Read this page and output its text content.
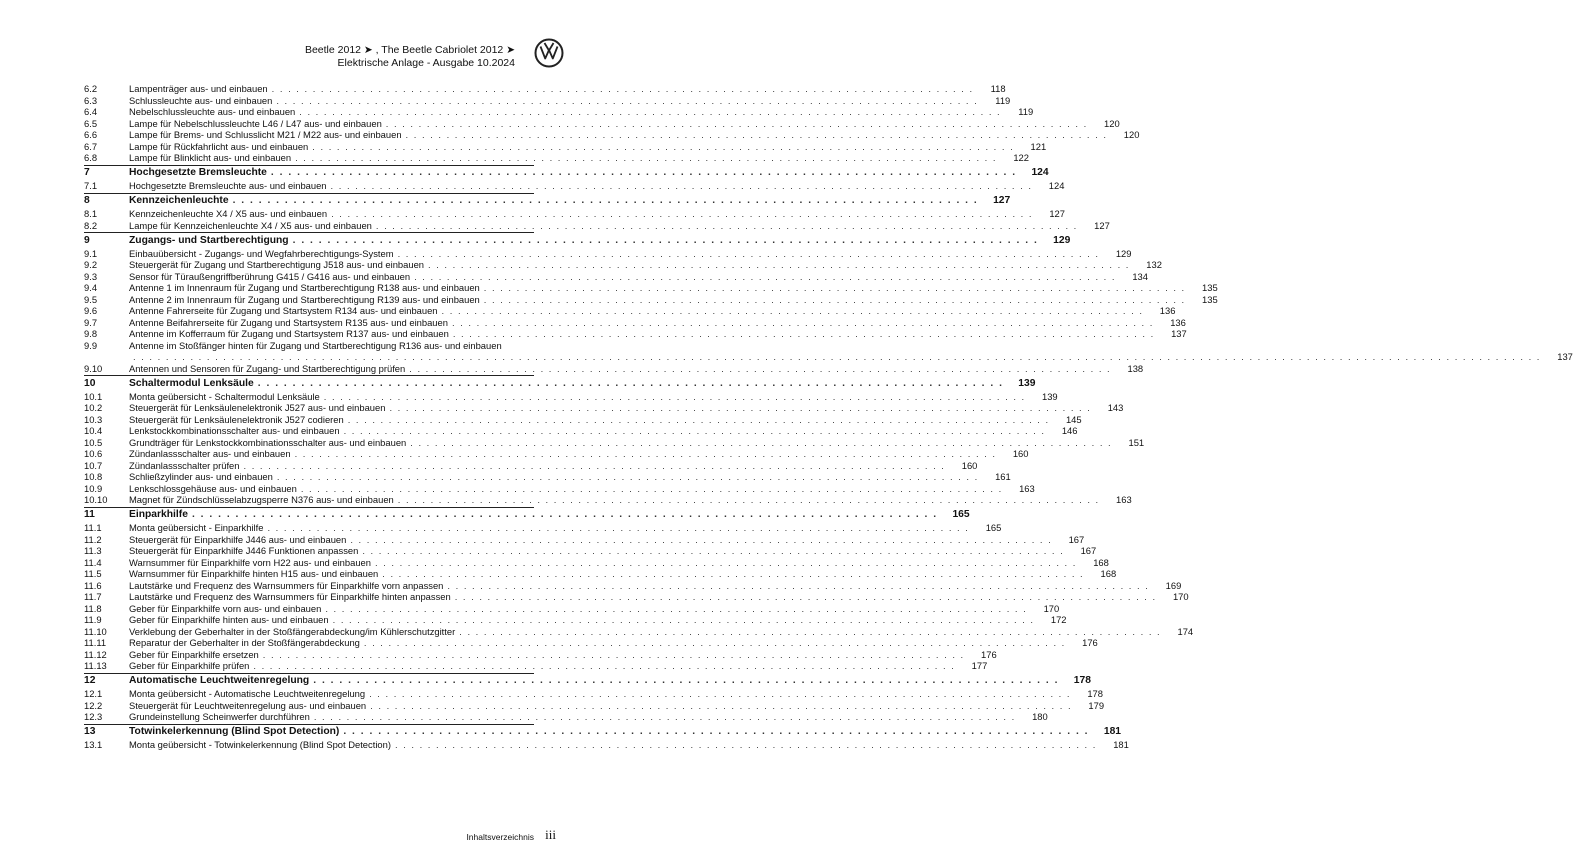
Beetle 2012 ➤ , The Beetle Cabriolet 2012 ➤
Elektrische Anlage - Ausgabe 10.2024
6.2	Lampenträger aus- und einbauen . . . . . . . . . . . . . . . . . . . . . . . . . . . . . . . . . . . . . . . . . . . . . . . . . . . . . . . . . . . . . . . . . . . . . . . . . . . . . . . . . . . . . .	118
6.3	Schlussleuchte aus- und einbauen . . . . . . . . . . . . . . . . . . . . . . . . . . . . . . . . . . . . . . . . . . . . . . . . . . . . . . . . . . . . . . . . . . . . . . . . . . . . . . . . . . . . . .	119
6.4	Nebelschlussleuchte aus- und einbauen . . . . . . . . . . . . . . . . . . . . . . . . . . . . . . . . . . . . . . . . . . . . . . . . . . . . . . . . . . . . . . . . . . . . . . . . . . . . . . . . . . . . . .	119
6.5	Lampe für Nebelschlussleuchte L46 / L47 aus- und einbauen . . . . . . . . . . . . . . . . . . . . . . . . . . . . . . . . . . . . . . . . . . . . . . . . . . . . . . . . . . . . . . . . . . . . . . . . . . . . . . . . . . . . . .	120
6.6	Lampe für Brems- und Schlusslicht M21 / M22 aus- und einbauen . . . . . . . . . . . . . . . . . . . . . . . . . . . . . . . . . . . . . . . . . . . . . . . . . . . . . . . . . . . . . . . . . . . . . . . . . . . . . . . . . . . . . .	120
6.7	Lampe für Rückfahrlicht aus- und einbauen . . . . . . . . . . . . . . . . . . . . . . . . . . . . . . . . . . . . . . . . . . . . . . . . . . . . . . . . . . . . . . . . . . . . . . . . . . . . . . . . . . . . . .	121
6.8	Lampe für Blinklicht aus- und einbauen . . . . . . . . . . . . . . . . . . . . . . . . . . . . . . . . . . . . . . . . . . . . . . . . . . . . . . . . . . . . . . . . . . . . . . . . . . . . . . . . . . . . . .	122
7	Hochgesetzte Bremsleuchte . . . . . . . . . . . . . . . . . . . . . . . . . . . . . . . . . . . . . . . . . . . . . . . . . . . . . . . . . . . . . . . . . . . . . . . . . . . . . . . . . . . . . .	124
7.1	Hochgesetzte Bremsleuchte aus- und einbauen . . . . . . . . . . . . . . . . . . . . . . . . . . . . . . . . . . . . . . . . . . . . . . . . . . . . . . . . . . . . . . . . . . . . . . . . . . . . . . . . . . . . . .	124
8	Kennzeichenleuchte . . . . . . . . . . . . . . . . . . . . . . . . . . . . . . . . . . . . . . . . . . . . . . . . . . . . . . . . . . . . . . . . . . . . . . . . . . . . . . . . . . . . . .	127
8.1	Kennzeichenleuchte X4 / X5 aus- und einbauen . . . . . . . . . . . . . . . . . . . . . . . . . . . . . . . . . . . . . . . . . . . . . . . . . . . . . . . . . . . . . . . . . . . . . . . . . . . . . . . . . . . . . .	127
8.2	Lampe für Kennzeichenleuchte X4 / X5 aus- und einbauen . . . . . . . . . . . . . . . . . . . . . . . . . . . . . . . . . . . . . . . . . . . . . . . . . . . . . . . . . . . . . . . . . . . . . . . . . . . . . . . . . . . . . .	127
9	Zugangs- und Startberechtigung . . . . . . . . . . . . . . . . . . . . . . . . . . . . . . . . . . . . . . . . . . . . . . . . . . . . . . . . . . . . . . . . . . . . . . . . . . . . . . . . . . . . . .	129
9.1	Einbauübersicht - Zugangs- und Wegfahrberechtigungs-System . . . . . . . . . . . . . . . . . . . . . . . . . . . . . . . . . . . . . . . . . . . . . . . . . . . . . . . . . . . . . . . . . . . . . . . . . . . . . . . . . . . . . .	129
9.2	Steuergerät für Zugang und Startberechtigung J518 aus- und einbauen . . . . . . . . . . . . . . . . . . . . . . . . . . . . . . . . . . . . . . . . . . . . . . . . . . . . . . . . . . . . . . . . . . . . . . . . . . . . . . . . . . . . . .	132
9.3	Sensor für Türaußengriffberührung G415 / G416 aus- und einbauen . . . . . . . . . . . . . . . . . . . . . . . . . . . . . . . . . . . . . . . . . . . . . . . . . . . . . . . . . . . . . . . . . . . . . . . . . . . . . . . . . . . . . .	134
9.4	Antenne 1 im Innenraum für Zugang und Startberechtigung R138 aus- und einbauen . . . . . . . . . . . . . . . . . . . . . . . . . . . . . . . . . . . . . . . . . . . . . . . . . . . . . . . . . . . . . . . . . . . . . . . . . . . . . . . . . . . . . .	135
9.5	Antenne 2 im Innenraum für Zugang und Startberechtigung R139 aus- und einbauen . . . . . . . . . . . . . . . . . . . . . . . . . . . . . . . . . . . . . . . . . . . . . . . . . . . . . . . . . . . . . . . . . . . . . . . . . . . . . . . . . . . . . .	135
9.6	Antenne Fahrerseite für Zugang und Startsystem R134 aus- und einbauen . . . . . . . . . . . . . . . . . . . . . . . . . . . . . . . . . . . . . . . . . . . . . . . . . . . . . . . . . . . . . . . . . . . . . . . . . . . . . . . . . . . . . .	136
9.7	Antenne Beifahrerseite für Zugang und Startsystem R135 aus- und einbauen . . . . . . . . . . . . . . . . . . . . . . . . . . . . . . . . . . . . . . . . . . . . . . . . . . . . . . . . . . . . . . . . . . . . . . . . . . . . . . . . . . . . . .	136
9.8	Antenne im Kofferraum für Zugang und Startsystem R137 aus- und einbauen . . . . . . . . . . . . . . . . . . . . . . . . . . . . . . . . . . . . . . . . . . . . . . . . . . . . . . . . . . . . . . . . . . . . . . . . . . . . . . . . . . . . . .	137
9.9	Antenne im Stoßfänger hinten für Zugang und Startberechtigung R136 aus- und einbauen
. . . . . . . . . . . . . . . . . . . . . . . . . . . . . . . . . . . . . . . . . . . . . . . . . . . . . . . . . . . . . . . . . . . . . . . . . . . . . . . . . . . . . . . . . . . . . . . . . . . . . . . . . . . . . . . . . . . . . . . . . . . . . . . . . . . . . . . . . . . . . . . . . . . . . . . . . . . . . . . . . . . . . . . . . . . .	137
9.10	Antennen und Sensoren für Zugang- und Startberechtigung prüfen . . . . . . . . . . . . . . . . . . . . . . . . . . . . . . . . . . . . . . . . . . . . . . . . . . . . . . . . . . . . . . . . . . . . . . . . . . . . . . . . . . . . . .	138
10	Schaltermodul Lenksäule . . . . . . . . . . . . . . . . . . . . . . . . . . . . . . . . . . . . . . . . . . . . . . . . . . . . . . . . . . . . . . . . . . . . . . . . . . . . . . . . . . . . . .	139
10.1	Monta geübersicht - Schaltermodul Lenksäule . . . . . . . . . . . . . . . . . . . . . . . . . . . . . . . . . . . . . . . . . . . . . . . . . . . . . . . . . . . . . . . . . . . . . . . . . . . . . . . . . . . . . .	139
10.2	Steuergerät für Lenksäulenelektronik J527 aus- und einbauen . . . . . . . . . . . . . . . . . . . . . . . . . . . . . . . . . . . . . . . . . . . . . . . . . . . . . . . . . . . . . . . . . . . . . . . . . . . . . . . . . . . . . .	143
10.3	Steuergerät für Lenksäulenelektronik J527 codieren . . . . . . . . . . . . . . . . . . . . . . . . . . . . . . . . . . . . . . . . . . . . . . . . . . . . . . . . . . . . . . . . . . . . . . . . . . . . . . . . . . . . . .	145
10.4	Lenkstockkombinationsschalter aus- und einbauen . . . . . . . . . . . . . . . . . . . . . . . . . . . . . . . . . . . . . . . . . . . . . . . . . . . . . . . . . . . . . . . . . . . . . . . . . . . . . . . . . . . . . .	146
10.5	Grundträger für Lenkstockkombinationsschalter aus- und einbauen . . . . . . . . . . . . . . . . . . . . . . . . . . . . . . . . . . . . . . . . . . . . . . . . . . . . . . . . . . . . . . . . . . . . . . . . . . . . . . . . . . . . . .	151
10.6	Zündanlassschalter aus- und einbauen . . . . . . . . . . . . . . . . . . . . . . . . . . . . . . . . . . . . . . . . . . . . . . . . . . . . . . . . . . . . . . . . . . . . . . . . . . . . . . . . . . . . . .	160
10.7	Zündanlassschalter prüfen . . . . . . . . . . . . . . . . . . . . . . . . . . . . . . . . . . . . . . . . . . . . . . . . . . . . . . . . . . . . . . . . . . . . . . . . . . . . . . . . . . . . . .	160
10.8	Schließzylinder aus- und einbauen . . . . . . . . . . . . . . . . . . . . . . . . . . . . . . . . . . . . . . . . . . . . . . . . . . . . . . . . . . . . . . . . . . . . . . . . . . . . . . . . . . . . . .	161
10.9	Lenkschlossgehäuse aus- und einbauen . . . . . . . . . . . . . . . . . . . . . . . . . . . . . . . . . . . . . . . . . . . . . . . . . . . . . . . . . . . . . . . . . . . . . . . . . . . . . . . . . . . . . .	163
10.10	Magnet für Zündschlüsselabzugsperre N376 aus- und einbauen . . . . . . . . . . . . . . . . . . . . . . . . . . . . . . . . . . . . . . . . . . . . . . . . . . . . . . . . . . . . . . . . . . . . . . . . . . . . . . . . . . . . . .	163
11	Einparkhilfe . . . . . . . . . . . . . . . . . . . . . . . . . . . . . . . . . . . . . . . . . . . . . . . . . . . . . . . . . . . . . . . . . . . . . . . . . . . . . . . . . . . . . .	165
11.1	Monta geübersicht - Einparkhilfe . . . . . . . . . . . . . . . . . . . . . . . . . . . . . . . . . . . . . . . . . . . . . . . . . . . . . . . . . . . . . . . . . . . . . . . . . . . . . . . . . . . . . .	165
11.2	Steuergerät für Einparkhilfe J446 aus- und einbauen . . . . . . . . . . . . . . . . . . . . . . . . . . . . . . . . . . . . . . . . . . . . . . . . . . . . . . . . . . . . . . . . . . . . . . . . . . . . . . . . . . . . . .	167
11.3	Steuergerät für Einparkhilfe J446 Funktionen anpassen . . . . . . . . . . . . . . . . . . . . . . . . . . . . . . . . . . . . . . . . . . . . . . . . . . . . . . . . . . . . . . . . . . . . . . . . . . . . . . . . . . . . . .	167
11.4	Warnsummer für Einparkhilfe vorn H22 aus- und einbauen . . . . . . . . . . . . . . . . . . . . . . . . . . . . . . . . . . . . . . . . . . . . . . . . . . . . . . . . . . . . . . . . . . . . . . . . . . . . . . . . . . . . . .	168
11.5	Warnsummer für Einparkhilfe hinten H15 aus- und einbauen . . . . . . . . . . . . . . . . . . . . . . . . . . . . . . . . . . . . . . . . . . . . . . . . . . . . . . . . . . . . . . . . . . . . . . . . . . . . . . . . . . . . . .	168
11.6	Lautstärke und Frequenz des Warnsummers für Einparkhilfe vorn anpassen . . . . . . . . . . . . . . . . . . . . . . . . . . . . . . . . . . . . . . . . . . . . . . . . . . . . . . . . . . . . . . . . . . . . . . . . . . . . . . . . . . . . . .	169
11.7	Lautstärke und Frequenz des Warnsummers für Einparkhilfe hinten anpassen . . . . . . . . . . . . . . . . . . . . . . . . . . . . . . . . . . . . . . . . . . . . . . . . . . . . . . . . . . . . . . . . . . . . . . . . . . . . . . . . . . . . . .	170
11.8	Geber für Einparkhilfe vorn aus- und einbauen . . . . . . . . . . . . . . . . . . . . . . . . . . . . . . . . . . . . . . . . . . . . . . . . . . . . . . . . . . . . . . . . . . . . . . . . . . . . . . . . . . . . . .	170
11.9	Geber für Einparkhilfe hinten aus- und einbauen . . . . . . . . . . . . . . . . . . . . . . . . . . . . . . . . . . . . . . . . . . . . . . . . . . . . . . . . . . . . . . . . . . . . . . . . . . . . . . . . . . . . . .	172
11.10	Verklebung der Geberhalter in der Stoßfängerabdeckung/im Kühlerschutzgitter . . . . . . . . . . . . . . . . . . . . . . . . . . . . . . . . . . . . . . . . . . . . . . . . . . . . . . . . . . . . . . . . . . . . . . . . . . . . . . . . . . . . . .	174
11.11	Reparatur der Geberhalter in der Stoßfängerabdeckung . . . . . . . . . . . . . . . . . . . . . . . . . . . . . . . . . . . . . . . . . . . . . . . . . . . . . . . . . . . . . . . . . . . . . . . . . . . . . . . . . . . . . .	176
11.12	Geber für Einparkhilfe ersetzen . . . . . . . . . . . . . . . . . . . . . . . . . . . . . . . . . . . . . . . . . . . . . . . . . . . . . . . . . . . . . . . . . . . . . . . . . . . . . . . . . . . . . .	176
11.13	Geber für Einparkhilfe prüfen . . . . . . . . . . . . . . . . . . . . . . . . . . . . . . . . . . . . . . . . . . . . . . . . . . . . . . . . . . . . . . . . . . . . . . . . . . . . . . . . . . . . . .	177
12	Automatische Leuchtweitenregelung . . . . . . . . . . . . . . . . . . . . . . . . . . . . . . . . . . . . . . . . . . . . . . . . . . . . . . . . . . . . . . . . . . . . . . . . . . . . . . . . . . . . . .	178
12.1	Monta geübersicht - Automatische Leuchtweitenregelung . . . . . . . . . . . . . . . . . . . . . . . . . . . . . . . . . . . . . . . . . . . . . . . . . . . . . . . . . . . . . . . . . . . . . . . . . . . . . . . . . . . . . .	178
12.2	Steuergerät für Leuchtweitenregelung aus- und einbauen . . . . . . . . . . . . . . . . . . . . . . . . . . . . . . . . . . . . . . . . . . . . . . . . . . . . . . . . . . . . . . . . . . . . . . . . . . . . . . . . . . . . . .	179
12.3	Grundeinstellung Scheinwerfer durchführen . . . . . . . . . . . . . . . . . . . . . . . . . . . . . . . . . . . . . . . . . . . . . . . . . . . . . . . . . . . . . . . . . . . . . . . . . . . . . . . . . . . . . .	180
13	Totwinkelerkennung (Blind Spot Detection) . . . . . . . . . . . . . . . . . . . . . . . . . . . . . . . . . . . . . . . . . . . . . . . . . . . . . . . . . . . . . . . . . . . . . . . . . . . . . . . . . . . . . .	181
13.1	Monta geübersicht - Totwinkelerkennung (Blind Spot Detection) . . . . . . . . . . . . . . . . . . . . . . . . . . . . . . . . . . . . . . . . . . . . . . . . . . . . . . . . . . . . . . . . . . . . . . . . . . . . . . . . . . . . . .	181
Inhaltsverzeichnis iii
